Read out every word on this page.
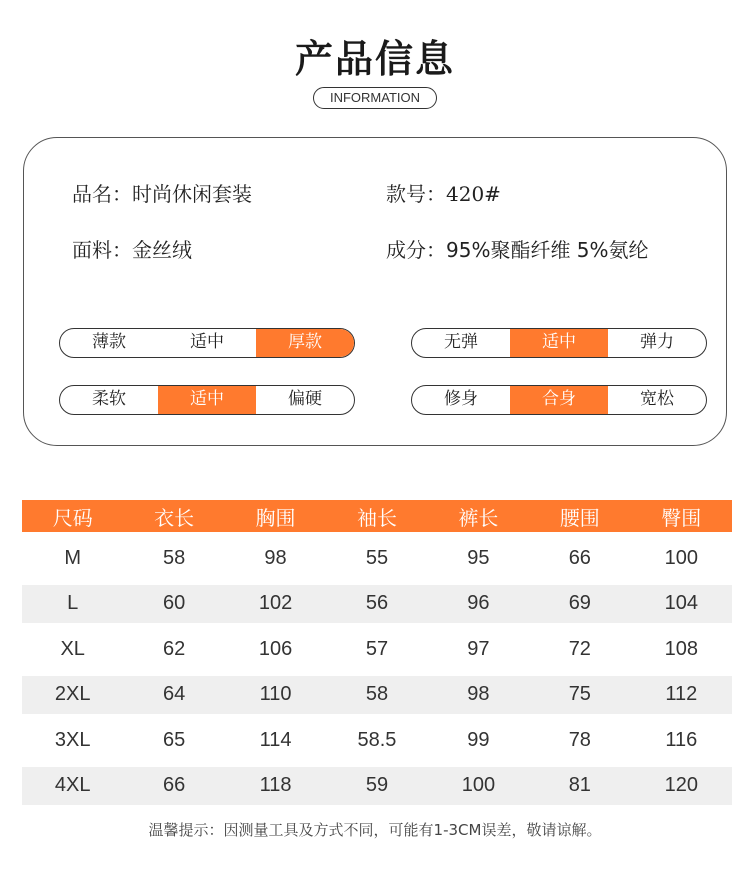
产品信息
INFORMATION
品名：时尚休闲套装	款号：420#
面料：金丝绒	成分：95%聚酯纤维 5%氨纶
薄款	适中	厚款	无弹	适中	弹力
柔软	适中	偏硬	修身	合身	宽松
尺码	衣长	胸围	袖长	裤长	腰围	臀围
M	58	98	55	95	66	100
L	60	102	56	96	69	104
XL	62	106	57	97	72	108
2XL	64	110	58	98	75	112
3XL	65	114	58.5	99	78	116
4XL	66	118	59	100	81	120
温馨提示：因测量工具及方式不同，可能有1-3CM误差，敬请谅解。
